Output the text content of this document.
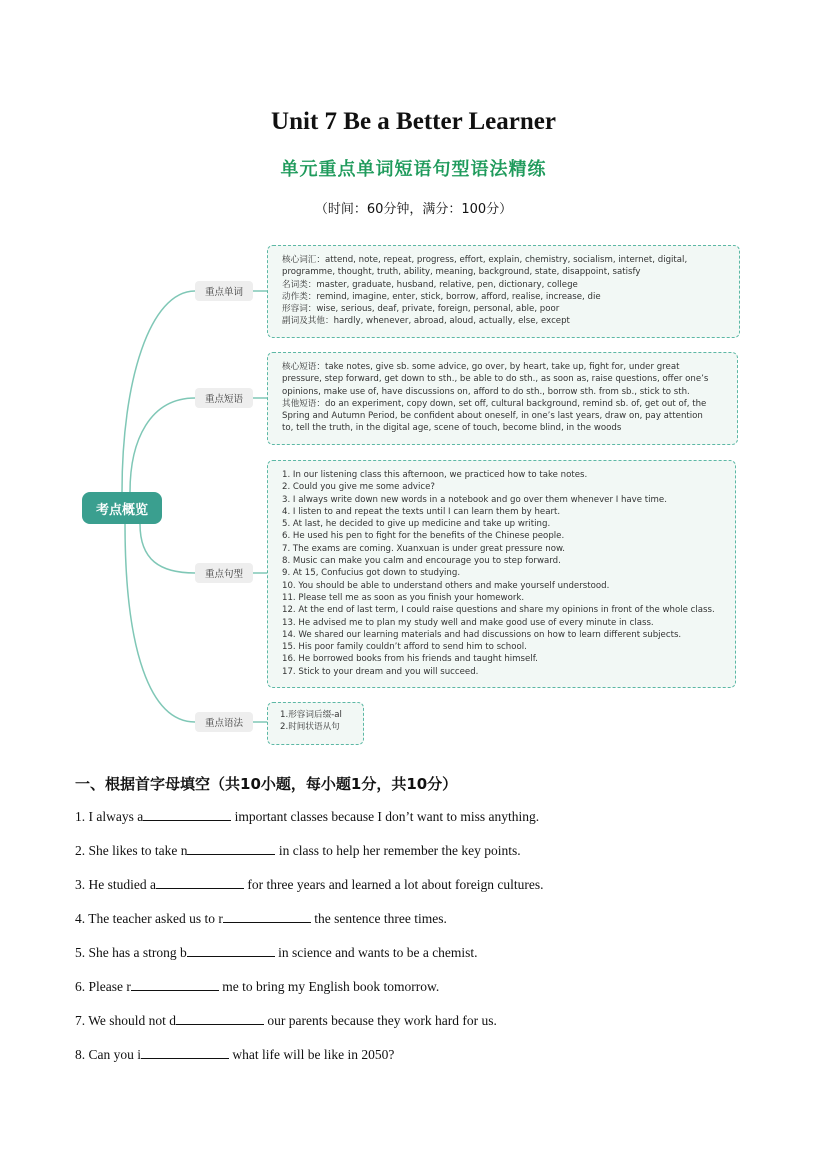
Unit 7 Be a Better Learner
单元重点单词短语句型语法精练
（时间：60分钟，满分：100分）
考点概览
重点单词
重点短语
重点句型
重点语法
核心词汇：attend, note, repeat, progress, effort, explain, chemistry, socialism, internet, digital,
programme, thought, truth, ability, meaning, background, state, disappoint, satisfy
名词类：master, graduate, husband, relative, pen, dictionary, college
动作类：remind, imagine, enter, stick, borrow, afford, realise, increase, die
形容词：wise, serious, deaf, private, foreign, personal, able, poor
副词及其他：hardly, whenever, abroad, aloud, actually, else, except
核心短语：take notes, give sb. some advice, go over, by heart, take up, fight for, under great
pressure, step forward, get down to sth., be able to do sth., as soon as, raise questions, offer one’s
opinions, make use of, have discussions on, afford to do sth., borrow sth. from sb., stick to sth.
其他短语：do an experiment, copy down, set off, cultural background, remind sb. of, get out of, the
Spring and Autumn Period, be confident about oneself, in one’s last years, draw on, pay attention
to, tell the truth, in the digital age, scene of touch, become blind, in the woods
1. In our listening class this afternoon, we practiced how to take notes.
2. Could you give me some advice?
3. I always write down new words in a notebook and go over them whenever I have time.
4. I listen to and repeat the texts until I can learn them by heart.
5. At last, he decided to give up medicine and take up writing.
6. He used his pen to fight for the benefits of the Chinese people.
7. The exams are coming. Xuanxuan is under great pressure now.
8. Music can make you calm and encourage you to step forward.
9. At 15, Confucius got down to studying.
10. You should be able to understand others and make yourself understood.
11. Please tell me as soon as you finish your homework.
12. At the end of last term, I could raise questions and share my opinions in front of the whole class.
13. He advised me to plan my study well and make good use of every minute in class.
14. We shared our learning materials and had discussions on how to learn different subjects.
15. His poor family couldn’t afford to send him to school.
16. He borrowed books from his friends and taught himself.
17. Stick to your dream and you will succeed.
1.形容词后缀-al
2.时间状语从句
一、根据首字母填空（共10小题，每小题1分，共10分）
1. I always a	important classes because I don’t want to miss anything.
2. She likes to take n	in class to help her remember the key points.
3. He studied a	for three years and learned a lot about foreign cultures.
4. The teacher asked us to r	the sentence three times.
5. She has a strong b	in science and wants to be a chemist.
6. Please r	me to bring my English book tomorrow.
7. We should not d	our parents because they work hard for us.
8. Can you i	what life will be like in 2050?
